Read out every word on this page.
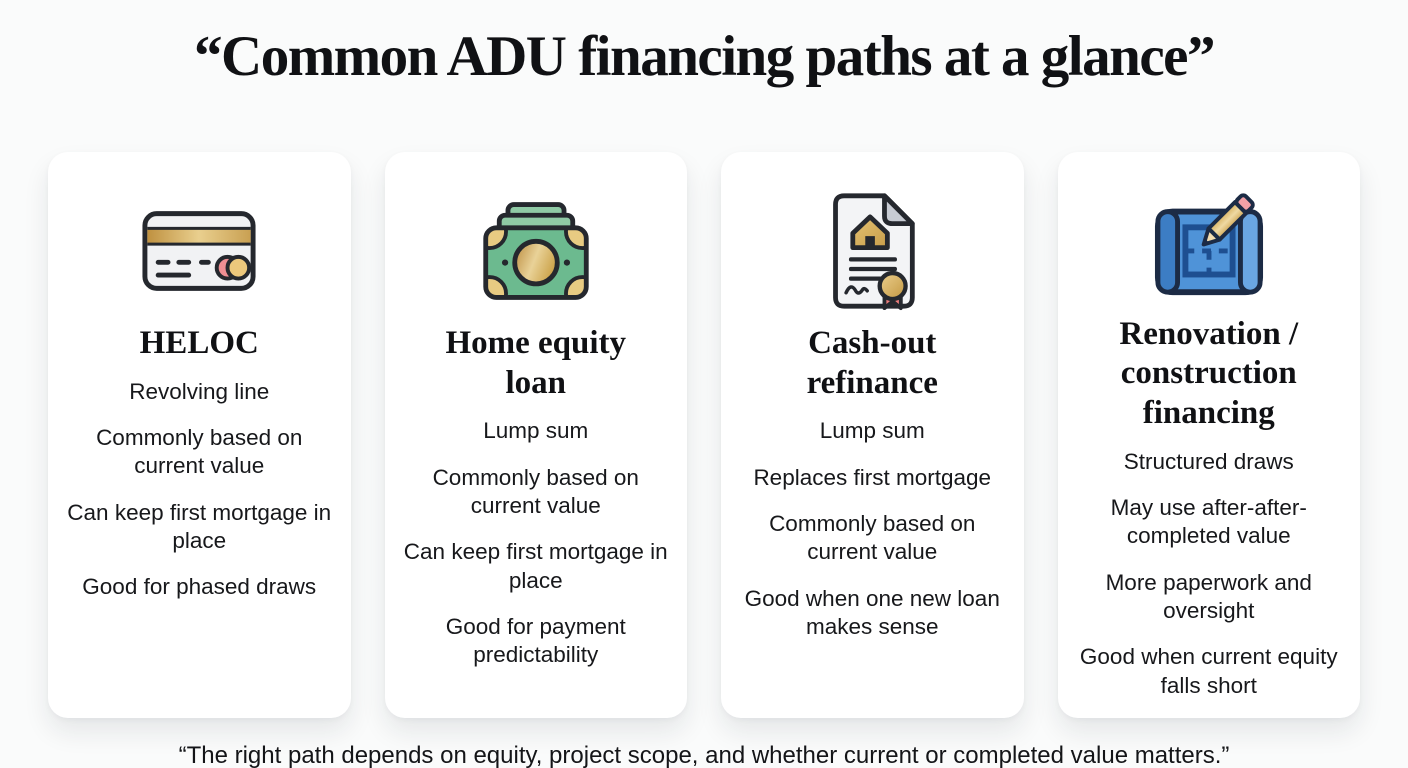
“Common ADU financing paths at a glance”
HELOC
Revolving line
Commonly based on current value
Can keep first mortgage in place
Good for phased draws
Home equity loan
Lump sum
Commonly based on current value
Can keep first mortgage in place
Good for payment predictability
Cash-out refinance
Lump sum
Replaces first mortgage
Commonly based on current value
Good when one new loan makes sense
Renovation / construction financing
Structured draws
May use after-after-completed value
More paperwork and oversight
Good when current equity falls short
“The right path depends on equity, project scope, and whether current or completed value matters.”
